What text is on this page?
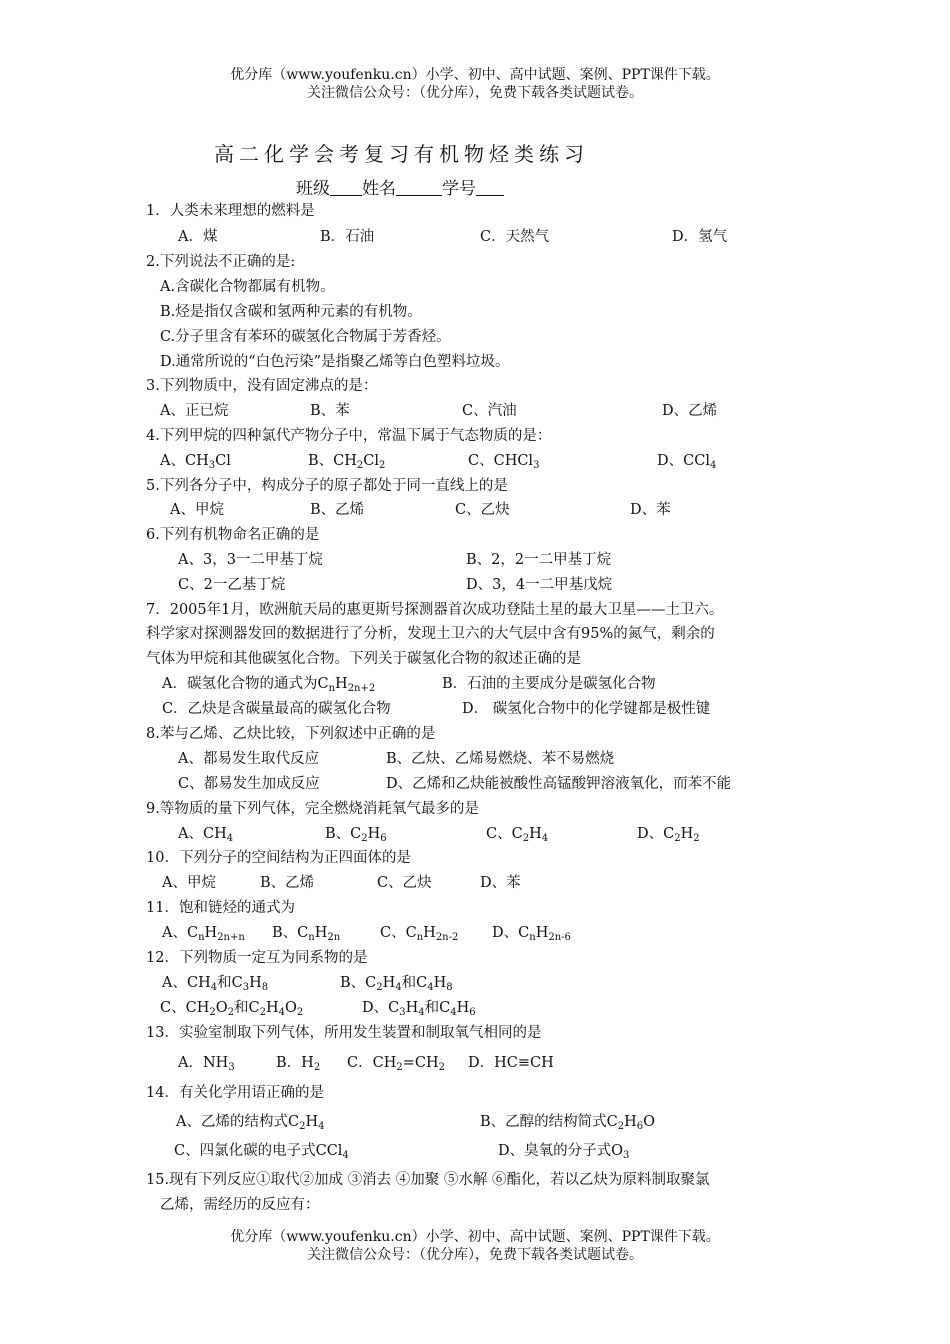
优分库（www.youfenku.cn）小学、初中、高中试题、案例、PPT课件下载。
关注微信公众号：（优分库），免费下载各类试题试卷。
高二化学会考复习有机物烃类练习
班级 姓名	学号
1．人类未来理想的燃料是
A．煤	B．石油	C．天然气	D．氢气
2.下列说法不正确的是:
A.含碳化合物都属有机物。
B.烃是指仅含碳和氢两种元素的有机物。
C.分子里含有苯环的碳氢化合物属于芳香烃。
D.通常所说的“白色污染”是指聚乙烯等白色塑料垃圾。
3.下列物质中，没有固定沸点的是：
A、正已烷	B、苯	C、汽油	D、乙烯
4.下列甲烷的四种氯代产物分子中，常温下属于气态物质的是：
A、$CH_3Cl$	B、$CH_2Cl_2$	C、CHCl$_3$	D、CCl$_4$
5.下列各分子中，构成分子的原子都处于同一直线上的是
A、甲烷	B、乙烯	C、乙炔	D、苯
6.下列有机物命名正确的是
A、3，3一二甲基丁烷	B、2，2一二甲基丁烷
C、2一乙基丁烷	D、3，4一二甲基戊烷
7．2005年1月，欧洲航天局的惠更斯号探测器首次成功登陆土星的最大卫星——土卫六。
科学家对探测器发回的数据进行了分析，发现土卫六的大气层中含有95%的氮气，剩余的
气体为甲烷和其他碳氢化合物。下列关于碳氢化合物的叙述正确的是
A．碳氢化合物的通式为$C_nH_{2n+2}$	B．石油的主要成分是碳氢化合物
C．乙炔是含碳量最高的碳氢化合物	D． 碳氢化合物中的化学键都是极性键
8.苯与乙烯、乙炔比较，下列叙述中正确的是
A、都易发生取代反应	B、乙炔、乙烯易燃烧、苯不易燃烧
C、都易发生加成反应	D、乙烯和乙炔能被酸性高锰酸钾溶液氧化，而苯不能
9.等物质的量下列气体，完全燃烧消耗氧气最多的是
A、$CH_4$	B、$C_2H_6$	C、$C_2H_4$	D、$C_2H_2$
10．下列分子的空间结构为正四面体的是
A、甲烷	B、乙烯	C、乙炔	D、苯
11．饱和链烃的通式为
A、$C_nH_{2n+n}$ B、$C_nH_{2n}$	C、$C_nH_{2n-2}$ D、$C_nH_{2n-6}$
12．下列物质一定互为同系物的是
A、$CH_4$和$C_3H_8$	B、$C_2H_4$和$C_4H_8$
C、$CH_2O_2$和$C_2H_4O_2$	D、$C_3H_4$和$C_4H_6$
13．实验室制取下列气体，所用发生装置和制取氧气相同的是
A．$NH_3$	B．$H_2$ C．$CH_2=CH_2$ D．HC≡CH
14．有关化学用语正确的是
A、乙烯的结构式$C_2H_4$	B、乙醇的结构简式$C_2H_6O$
C、四氯化碳的电子式CCl$_4$	D、臭氧的分子式$O_3$
15.现有下列反应①取代②加成 ③消去 ④加聚 ⑤水解 ⑥酯化，若以乙炔为原料制取聚氯
乙烯，需经历的反应有：
优分库（www.youfenku.cn）小学、初中、高中试题、案例、PPT课件下载。
关注微信公众号：（优分库），免费下载各类试题试卷。
